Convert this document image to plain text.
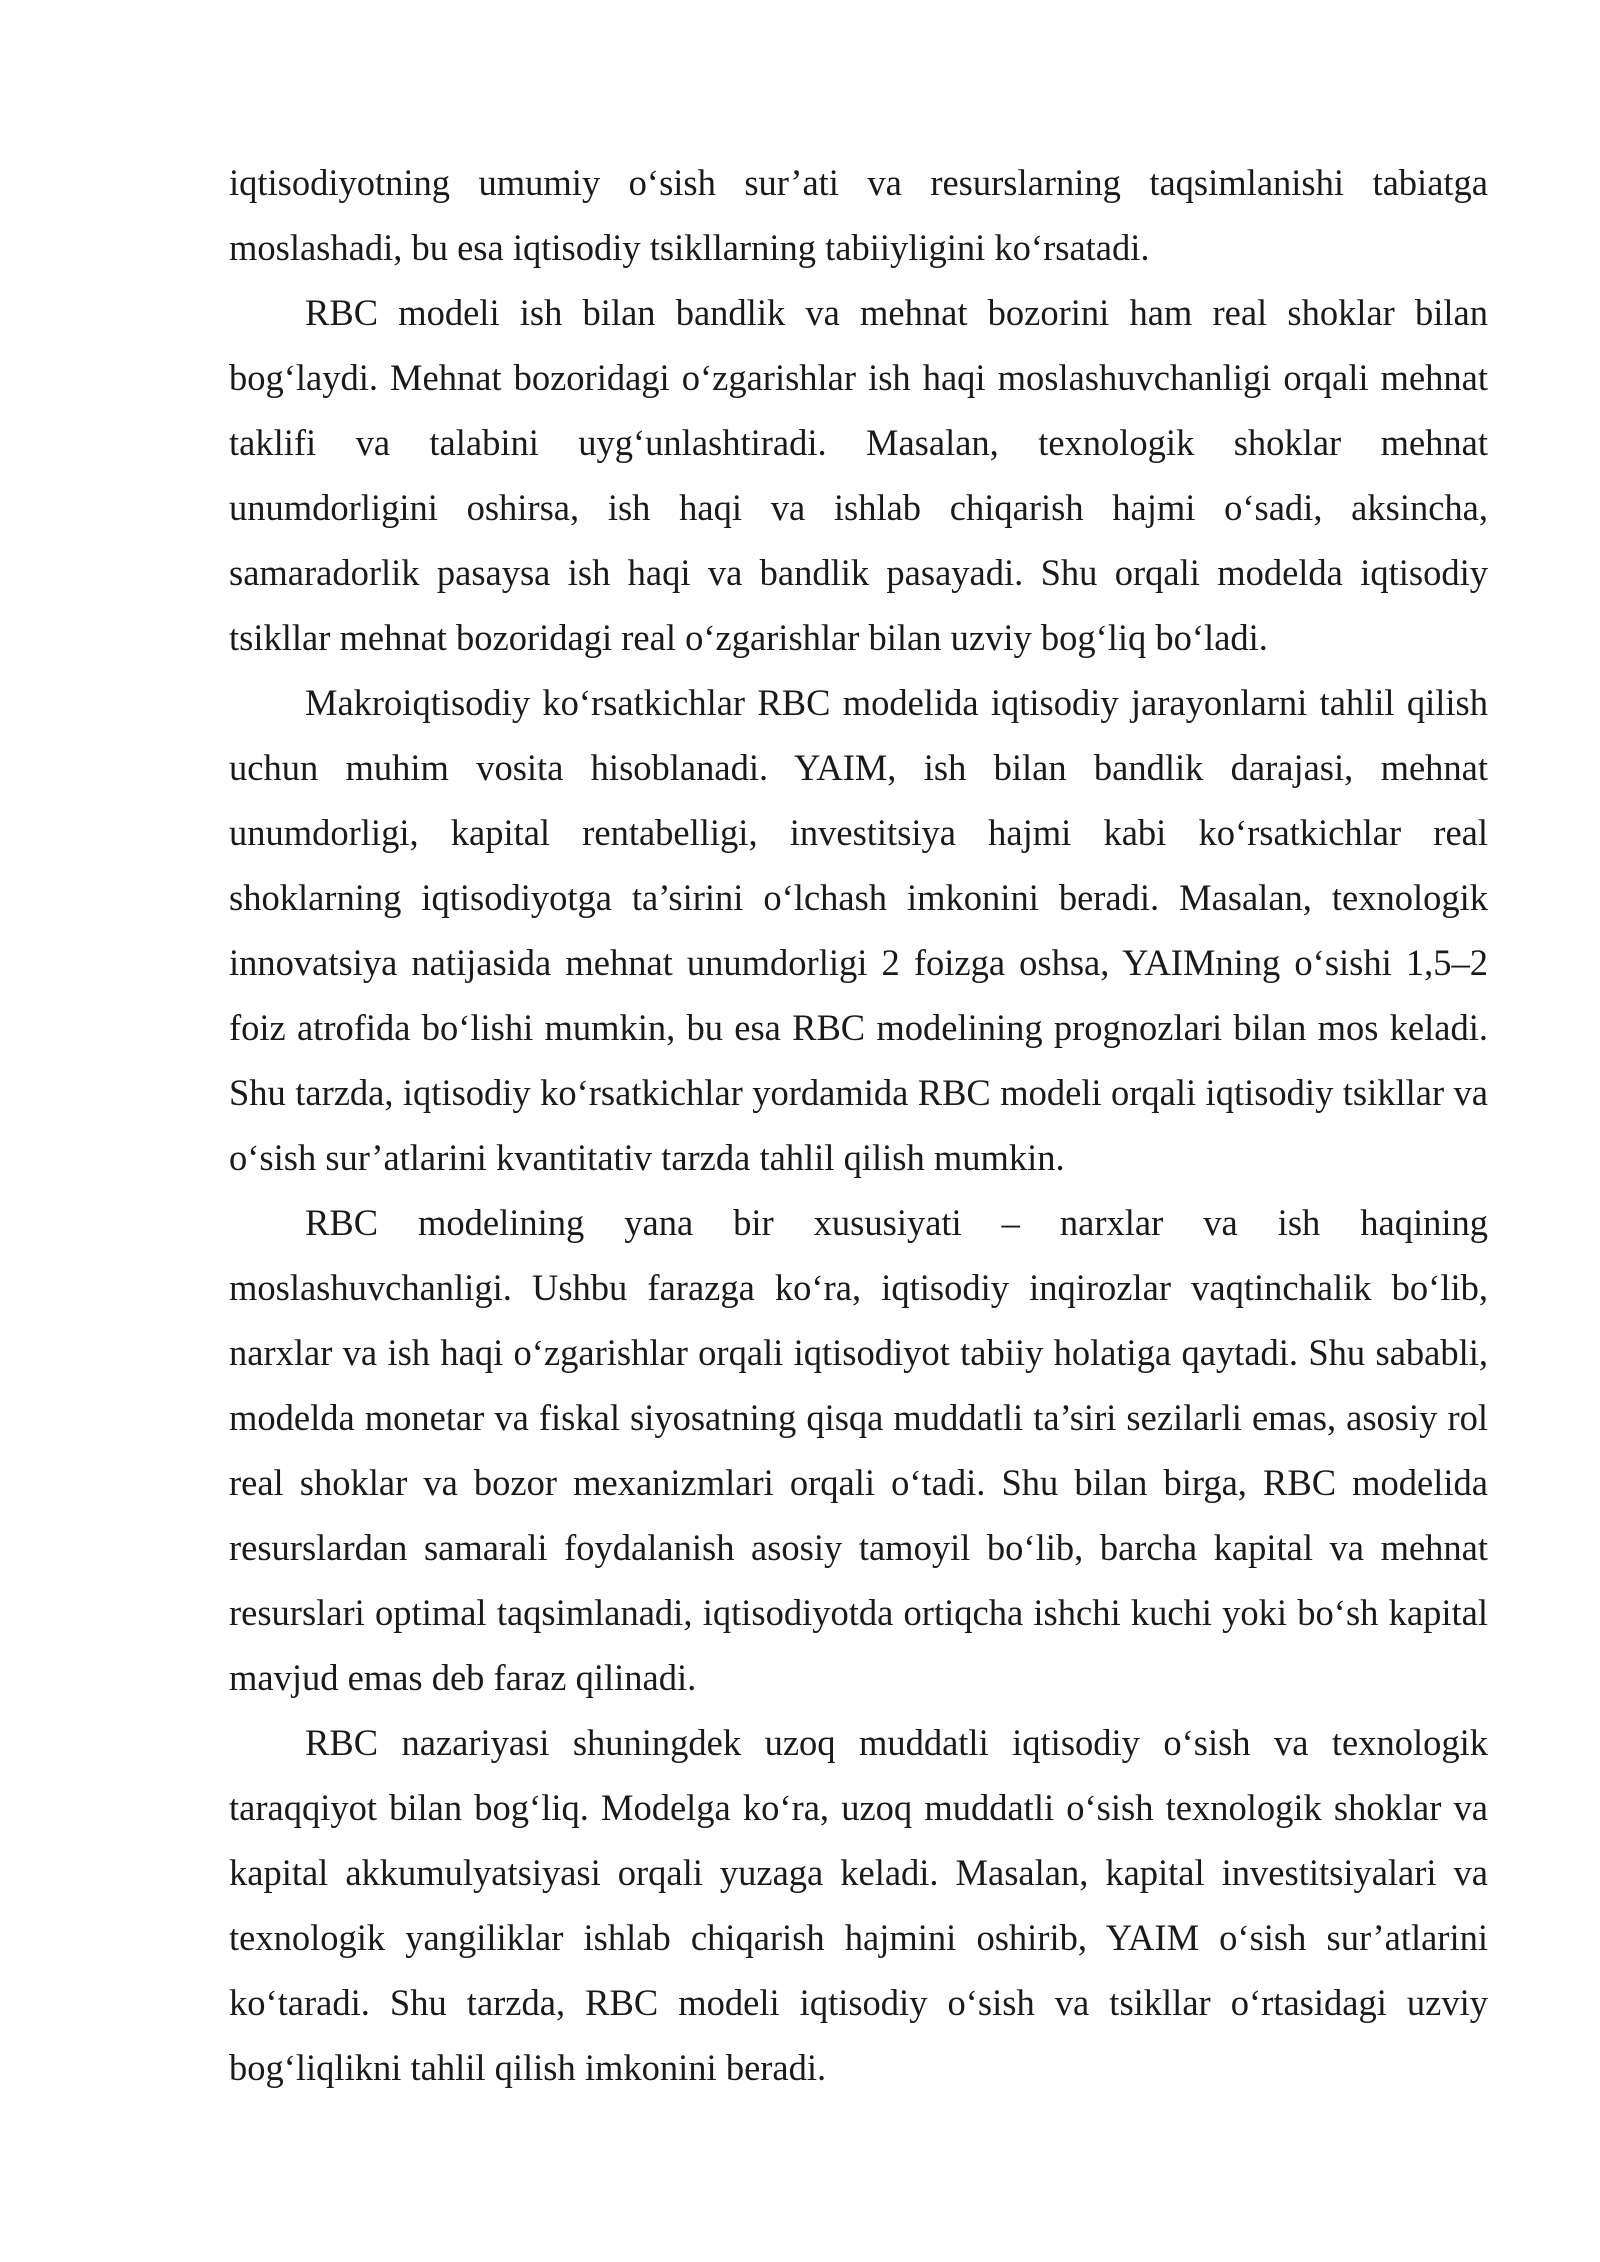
iqtisodiyotning umumiy o‘sish sur’ati va resurslarning taqsimlanishi tabiatga moslashadi, bu esa iqtisodiy tsikllarning tabiiyligini ko‘rsatadi.

RBC modeli ish bilan bandlik va mehnat bozorini ham real shoklar bilan bog‘laydi. Mehnat bozoridagi o‘zgarishlar ish haqi moslashuvchanligi orqali mehnat taklifi va talabini uyg‘unlashtiradi. Masalan, texnologik shoklar mehnat unumdorligini oshirsa, ish haqi va ishlab chiqarish hajmi o‘sadi, aksincha, samaradorlik pasaysa ish haqi va bandlik pasayadi. Shu orqali modelda iqtisodiy tsikllar mehnat bozoridagi real o‘zgarishlar bilan uzviy bog‘liq bo‘ladi.

Makroiqtisodiy ko‘rsatkichlar RBC modelida iqtisodiy jarayonlarni tahlil qilish uchun muhim vosita hisoblanadi. YAIM, ish bilan bandlik darajasi, mehnat unumdorligi, kapital rentabelligi, investitsiya hajmi kabi ko‘rsatkichlar real shoklarning iqtisodiyotga ta’sirini o‘lchash imkonini beradi. Masalan, texnologik innovatsiya natijasida mehnat unumdorligi 2 foizga oshsa, YAIMning o‘sishi 1,5–2 foiz atrofida bo‘lishi mumkin, bu esa RBC modelining prognozlari bilan mos keladi. Shu tarzda, iqtisodiy ko‘rsatkichlar yordamida RBC modeli orqali iqtisodiy tsikllar va o‘sish sur’atlarini kvantitativ tarzda tahlil qilish mumkin.

RBC modelining yana bir xususiyati – narxlar va ish haqining moslashuvchanligi. Ushbu farazga ko‘ra, iqtisodiy inqirozlar vaqtinchalik bo‘lib, narxlar va ish haqi o‘zgarishlar orqali iqtisodiyot tabiiy holatiga qaytadi. Shu sababli, modelda monetar va fiskal siyosatning qisqa muddatli ta’siri sezilarli emas, asosiy rol real shoklar va bozor mexanizmlari orqali o‘tadi. Shu bilan birga, RBC modelida resurslardan samarali foydalanish asosiy tamoyil bo‘lib, barcha kapital va mehnat resurslari optimal taqsimlanadi, iqtisodiyotda ortiqcha ishchi kuchi yoki bo‘sh kapital mavjud emas deb faraz qilinadi.

RBC nazariyasi shuningdek uzoq muddatli iqtisodiy o‘sish va texnologik taraqqiyot bilan bog‘liq. Modelga ko‘ra, uzoq muddatli o‘sish texnologik shoklar va kapital akkumulyatsiyasi orqali yuzaga keladi. Masalan, kapital investitsiyalari va texnologik yangiliklar ishlab chiqarish hajmini oshirib, YAIM o‘sish sur’atlarini ko‘taradi. Shu tarzda, RBC modeli iqtisodiy o‘sish va tsikllar o‘rtasidagi uzviy bog‘liqlikni tahlil qilish imkonini beradi.
